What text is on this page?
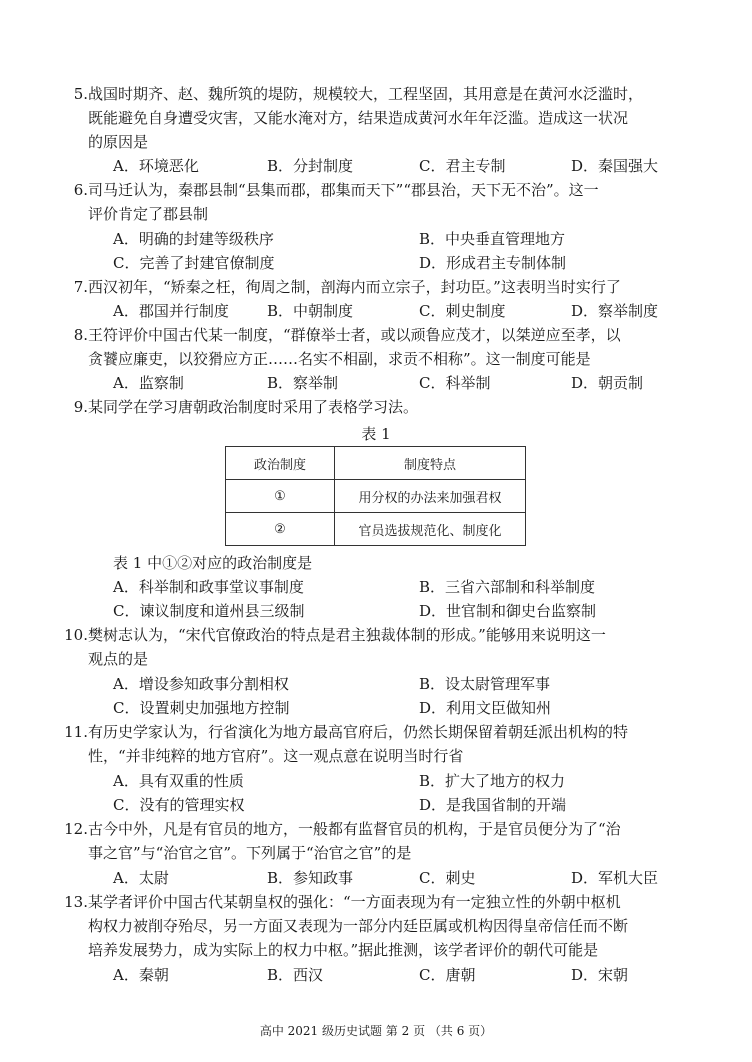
5. 战国时期齐、赵、魏所筑的堤防，规模较大，工程坚固，其用意是在黄河水泛滥时，

既能避免自身遭受灾害，又能水淹对方，结果造成黄河水年年泛滥。造成这一状况

的原因是

A．环境恶化	B．分封制度	C．君主专制	D．秦国强大
6. 司马迁认为，秦郡县制“县集而郡，郡集而天下”“郡县治，天下无不治”。这一

评价肯定了郡县制

A．明确的封建等级秩序	B．中央垂直管理地方
C．完善了封建官僚制度	D．形成君主专制体制
7. 西汉初年，“矫秦之枉，徇周之制，剖海内而立宗子，封功臣。”这表明当时实行了

A．郡国并行制度	B．中朝制度	C．刺史制度	D．察举制度
8. 王符评价中国古代某一制度，“群僚举士者，或以顽鲁应茂才，以桀逆应至孝，以

贪饕应廉吏，以狡猾应方正……名实不相副，求贡不相称”。这一制度可能是

A．监察制	B．察举制	C．科举制	D．朝贡制
9. 某同学在学习唐朝政治制度时采用了表格学习法。

表 1
政治制度	制度特点
①	用分权的办法来加强君权
②	官员选拔规范化、制度化

表 1 中①②对应的政治制度是

A．科举制和政事堂议事制度	B．三省六部制和科举制度
C．谏议制度和道州县三级制	D．世官制和御史台监察制
10. 樊树志认为，“宋代官僚政治的特点是君主独裁体制的形成。”能够用来说明这一

观点的是

A．增设参知政事分割相权	B．设太尉管理军事
C．设置刺史加强地方控制	D．利用文臣做知州
11. 有历史学家认为，行省演化为地方最高官府后，仍然长期保留着朝廷派出机构的特

性，“并非纯粹的地方官府”。这一观点意在说明当时行省

A．具有双重的性质	B．扩大了地方的权力
C．没有的管理实权	D．是我国省制的开端
12. 古今中外，凡是有官员的地方，一般都有监督官员的机构，于是官员便分为了“治

事之官”与“治官之官”。下列属于“治官之官”的是

A．太尉	B．参知政事	C．刺史	D．军机大臣
13. 某学者评价中国古代某朝皇权的强化：“一方面表现为有一定独立性的外朝中枢机

构权力被削夺殆尽，另一方面又表现为一部分内廷臣属或机构因得皇帝信任而不断

培养发展势力，成为实际上的权力中枢。”据此推测，该学者评价的朝代可能是

A．秦朝	B．西汉	C．唐朝	D．宋朝
高中 2021 级历史试题 第 2 页 （共 6 页）
